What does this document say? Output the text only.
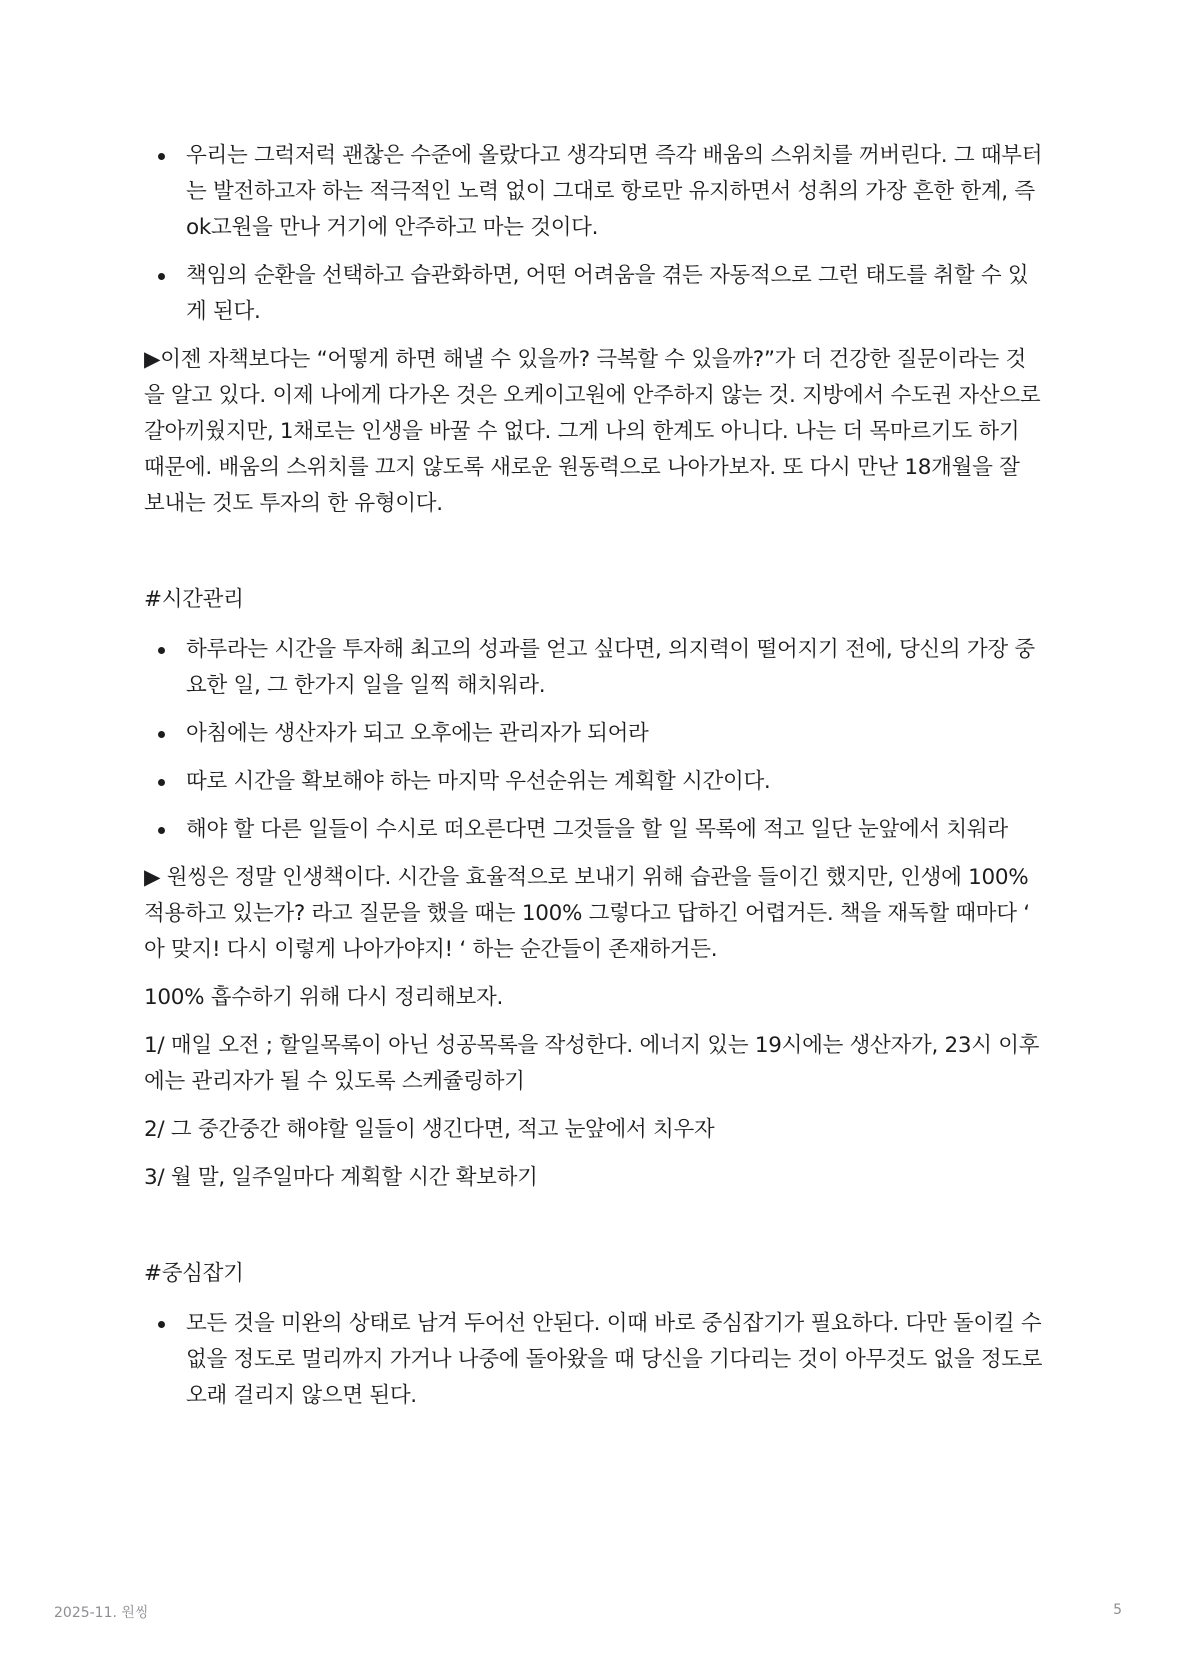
우리는 그럭저럭 괜찮은 수준에 올랐다고 생각되면 즉각 배움의 스위치를 꺼버린다. 그 때부터는 발전하고자 하는 적극적인 노력 없이 그대로 항로만 유지하면서 성취의 가장 흔한 한계, 즉 ok고원을 만나 거기에 안주하고 마는 것이다.
책임의 순환을 선택하고 습관화하면, 어떤 어려움을 겪든 자동적으로 그런 태도를 취할 수 있게 된다.

▶이젠 자책보다는 “어떻게 하면 해낼 수 있을까? 극복할 수 있을까?”가 더 건강한 질문이라는 것을 알고 있다. 이제 나에게 다가온 것은 오케이고원에 안주하지 않는 것. 지방에서 수도권 자산으로 갈아끼웠지만, 1채로는 인생을 바꿀 수 없다. 그게 나의 한계도 아니다. 나는 더 목마르기도 하기 때문에. 배움의 스위치를 끄지 않도록 새로운 원동력으로 나아가보자. 또 다시 만난 18개월을 잘 보내는 것도 투자의 한 유형이다.

#시간관리
하루라는 시간을 투자해 최고의 성과를 얻고 싶다면, 의지력이 떨어지기 전에, 당신의 가장 중요한 일, 그 한가지 일을 일찍 해치워라.
아침에는 생산자가 되고 오후에는 관리자가 되어라
따로 시간을 확보해야 하는 마지막 우선순위는 계획할 시간이다.
해야 할 다른 일들이 수시로 떠오른다면 그것들을 할 일 목록에 적고 일단 눈앞에서 치워라

▶ 원씽은 정말 인생책이다. 시간을 효율적으로 보내기 위해 습관을 들이긴 했지만, 인생에 100% 적용하고 있는가? 라고 질문을 했을 때는 100% 그렇다고 답하긴 어렵거든. 책을 재독할 때마다 ‘ 아 맞지! 다시 이렇게 나아가야지! ‘ 하는 순간들이 존재하거든.

100% 흡수하기 위해 다시 정리해보자.

1/ 매일 오전 ; 할일목록이 아닌 성공목록을 작성한다. 에너지 있는 19시에는 생산자가, 23시 이후에는 관리자가 될 수 있도록 스케쥴링하기

2/ 그 중간중간 해야할 일들이 생긴다면, 적고 눈앞에서 치우자

3/ 월 말, 일주일마다 계획할 시간 확보하기

#중심잡기
모든 것을 미완의 상태로 남겨 두어선 안된다. 이때 바로 중심잡기가 필요하다. 다만 돌이킬 수 없을 정도로 멀리까지 가거나 나중에 돌아왔을 때 당신을 기다리는 것이 아무것도 없을 정도로 오래 걸리지 않으면 된다.
2025-11. 원씽	5
